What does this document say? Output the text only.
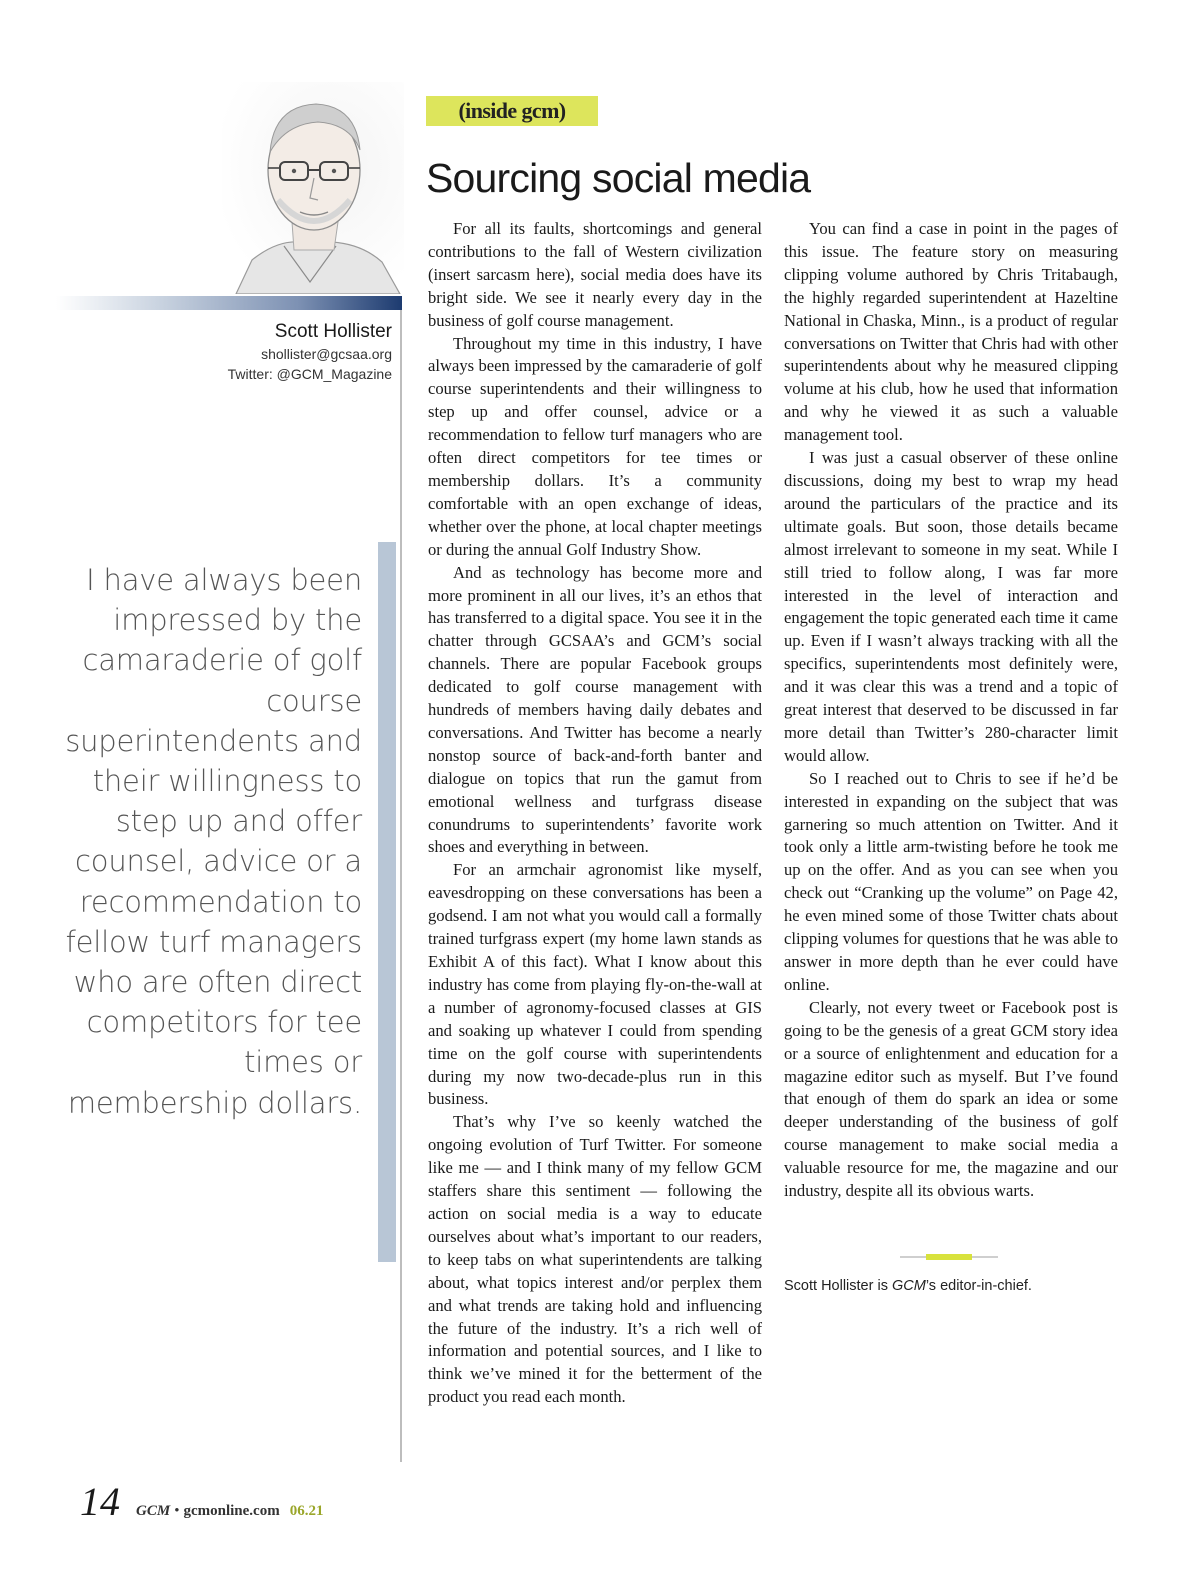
Scott Hollister
shollister@gcsaa.org
Twitter: @GCM_Magazine

I have always been impressed by the camaraderie of golf course superintendents and their willingness to step up and offer counsel, advice or a recommendation to fellow turf managers who are often direct competitors for tee times or membership dollars.

(inside gcm)
Sourcing social media

For all its faults, shortcomings and general contributions to the fall of Western civilization (insert sarcasm here), social media does have its bright side. We see it nearly every day in the business of golf course management.

Throughout my time in this industry, I have always been impressed by the camaraderie of golf course superintendents and their willingness to step up and offer counsel, advice or a recommendation to fellow turf managers who are often direct competitors for tee times or membership dollars. It’s a community comfortable with an open exchange of ideas, whether over the phone, at local chapter meetings or during the annual Golf Industry Show.

And as technology has become more and more prominent in all our lives, it’s an ethos that has transferred to a digital space. You see it in the chatter through GCSAA’s and GCM’s social channels. There are popular Facebook groups dedicated to golf course management with hundreds of members having daily debates and conversations. And Twitter has become a nearly nonstop source of back-and-forth banter and dialogue on topics that run the gamut from emotional wellness and turfgrass disease conundrums to superintendents’ favorite work shoes and everything in between.

For an armchair agronomist like myself, eavesdropping on these conversations has been a godsend. I am not what you would call a formally trained turfgrass expert (my home lawn stands as Exhibit A of this fact). What I know about this industry has come from playing fly-on-the-wall at a number of agronomy-focused classes at GIS and soaking up whatever I could from spending time on the golf course with superintendents during my now two-decade-plus run in this business.

That’s why I’ve so keenly watched the ongoing evolution of Turf Twitter. For someone like me — and I think many of my fellow GCM staffers share this sentiment — following the action on social media is a way to educate ourselves about what’s important to our readers, to keep tabs on what superintendents are talking about, what topics interest and/or perplex them and what trends are taking hold and influencing the future of the industry. It’s a rich well of information and potential sources, and I like to think we’ve mined it for the betterment of the product you read each month.

You can find a case in point in the pages of this issue. The feature story on measuring clipping volume authored by Chris Tritabaugh, the highly regarded superintendent at Hazeltine National in Chaska, Minn., is a product of regular conversations on Twitter that Chris had with other superintendents about why he measured clipping volume at his club, how he used that information and why he viewed it as such a valuable management tool.

I was just a casual observer of these online discussions, doing my best to wrap my head around the particulars of the practice and its ultimate goals. But soon, those details became almost irrelevant to someone in my seat. While I still tried to follow along, I was far more interested in the level of interaction and engagement the topic generated each time it came up. Even if I wasn’t always tracking with all the specifics, superintendents most definitely were, and it was clear this was a trend and a topic of great interest that deserved to be discussed in far more detail than Twitter’s 280-character limit would allow.

So I reached out to Chris to see if he’d be interested in expanding on the subject that was garnering so much attention on Twitter. And it took only a little arm-twisting before he took me up on the offer. And as you can see when you check out “Cranking up the volume” on Page 42, he even mined some of those Twitter chats about clipping volumes for questions that he was able to answer in more depth than he ever could have online.

Clearly, not every tweet or Facebook post is going to be the genesis of a great GCM story idea or a source of enlightenment and education for a magazine editor such as myself. But I’ve found that enough of them do spark an idea or some deeper understanding of the business of golf course management to make social media a valuable resource for me, the magazine and our industry, despite all its obvious warts.

Scott Hollister is GCM’s editor-in-chief.
14 GCM • gcmonline.com 06.21
